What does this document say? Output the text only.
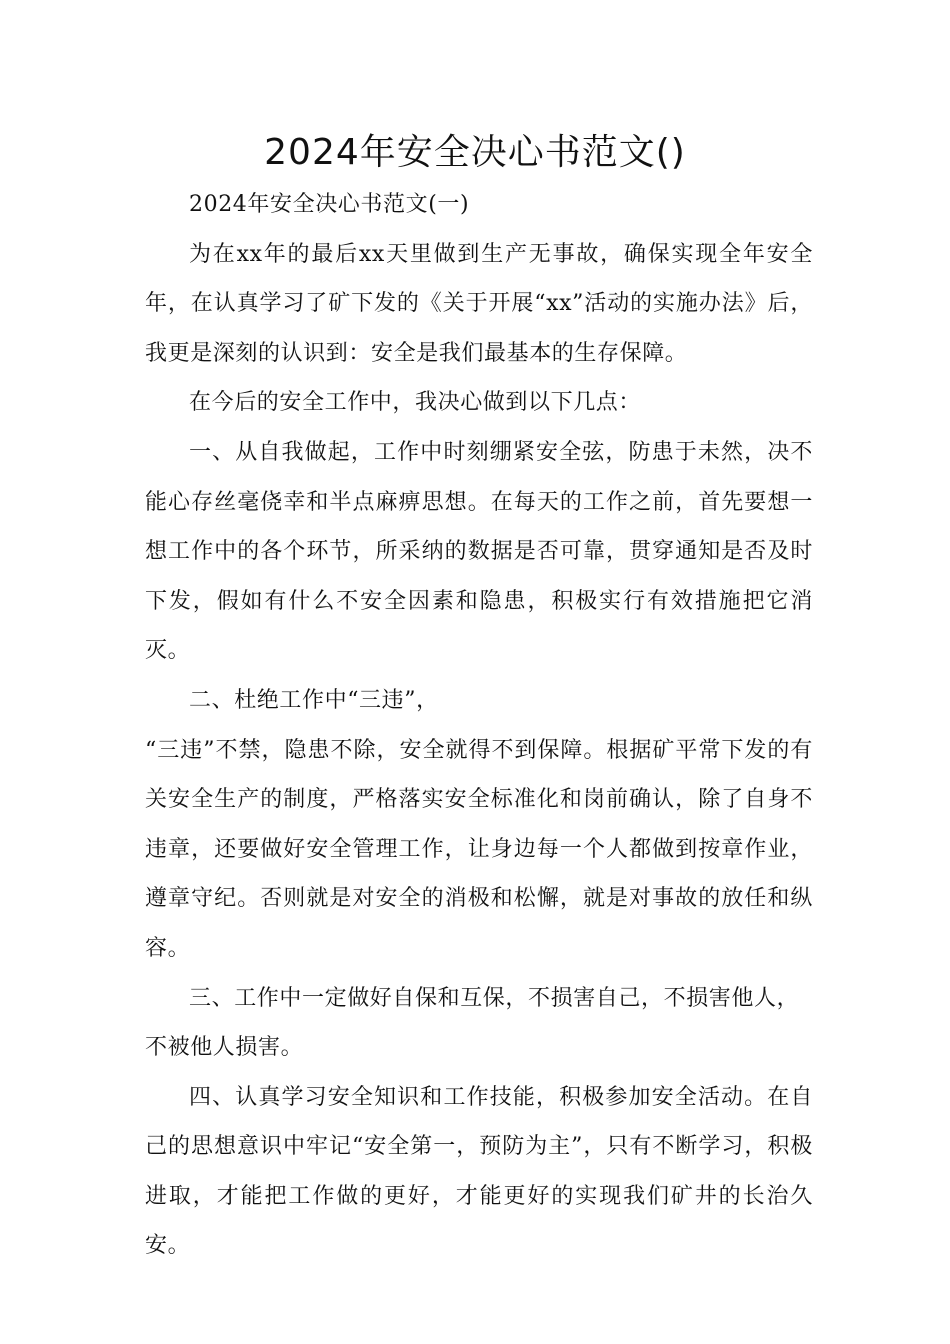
2024年安全决心书范文()

2024年安全决心书范文(一)

为在xx年的最后xx天里做到生产无事故，确保实现全年安全年，在认真学习了矿下发的《关于开展“xx”活动的实施办法》后，我更是深刻的认识到：安全是我们最基本的生存保障。

在今后的安全工作中，我决心做到以下几点：

一、从自我做起，工作中时刻绷紧安全弦，防患于未然，决不能心存丝毫侥幸和半点麻痹思想。在每天的工作之前，首先要想一想工作中的各个环节，所采纳的数据是否可靠，贯穿通知是否及时下发，假如有什么不安全因素和隐患，积极实行有效措施把它消灭。

二、杜绝工作中“三违”，

“三违”不禁，隐患不除，安全就得不到保障。根据矿平常下发的有关安全生产的制度，严格落实安全标准化和岗前确认，除了自身不违章，还要做好安全管理工作，让身边每一个人都做到按章作业，遵章守纪。否则就是对安全的消极和松懈，就是对事故的放任和纵容。

三、工作中一定做好自保和互保，不损害自己，不损害他人，

不被他人损害。

四、认真学习安全知识和工作技能，积极参加安全活动。在自己的思想意识中牢记“安全第一，预防为主”，只有不断学习，积极进取，才能把工作做的更好，才能更好的实现我们矿井的长治久安。
